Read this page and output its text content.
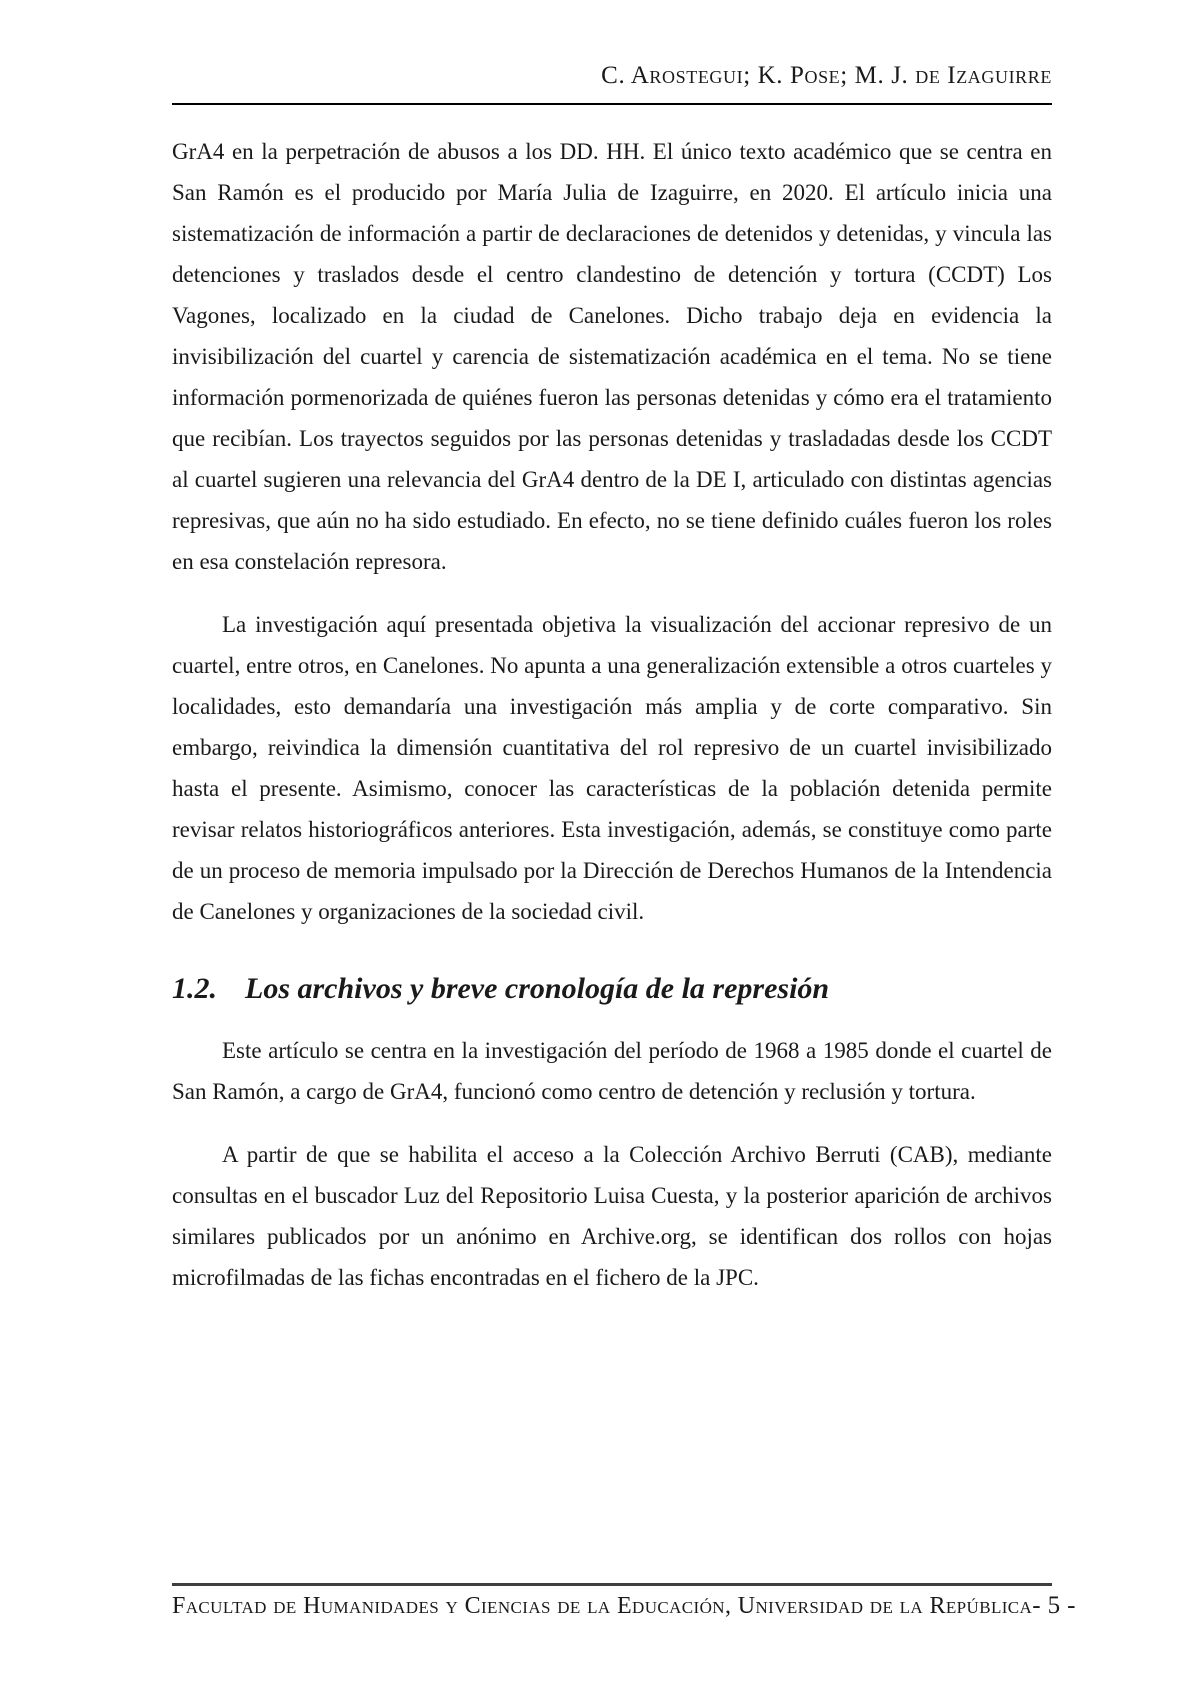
C. Arostegui; K. Pose; M. J. de Izaguirre

GrA4 en la perpetración de abusos a los DD. HH. El único texto académico que se centra en San Ramón es el producido por María Julia de Izaguirre, en 2020. El artículo inicia una sistematización de información a partir de declaraciones de detenidos y detenidas, y vincula las detenciones y traslados desde el centro clandestino de detención y tortura (CCDT) Los Vagones, localizado en la ciudad de Canelones. Dicho trabajo deja en evidencia la invisibilización del cuartel y carencia de sistematización académica en el tema. No se tiene información pormenorizada de quiénes fueron las personas detenidas y cómo era el tratamiento que recibían. Los trayectos seguidos por las personas detenidas y trasladadas desde los CCDT al cuartel sugieren una relevancia del GrA4 dentro de la DE I, articulado con distintas agencias represivas, que aún no ha sido estudiado. En efecto, no se tiene definido cuáles fueron los roles en esa constelación represora.

La investigación aquí presentada objetiva la visualización del accionar represivo de un cuartel, entre otros, en Canelones. No apunta a una generalización extensible a otros cuarteles y localidades, esto demandaría una investigación más amplia y de corte comparativo. Sin embargo, reivindica la dimensión cuantitativa del rol represivo de un cuartel invisibilizado hasta el presente. Asimismo, conocer las características de la población detenida permite revisar relatos historiográficos anteriores. Esta investigación, además, se constituye como parte de un proceso de memoria impulsado por la Dirección de Derechos Humanos de la Intendencia de Canelones y organizaciones de la sociedad civil.

1.2. Los archivos y breve cronología de la represión

Este artículo se centra en la investigación del período de 1968 a 1985 donde el cuartel de San Ramón, a cargo de GrA4, funcionó como centro de detención y reclusión y tortura.

A partir de que se habilita el acceso a la Colección Archivo Berruti (CAB), mediante consultas en el buscador Luz del Repositorio Luisa Cuesta, y la posterior aparición de archivos similares publicados por un anónimo en Archive.org, se identifican dos rollos con hojas microfilmadas de las fichas encontradas en el fichero de la JPC.

Facultad de Humanidades y Ciencias de la Educación, Universidad de la República - 5 -
